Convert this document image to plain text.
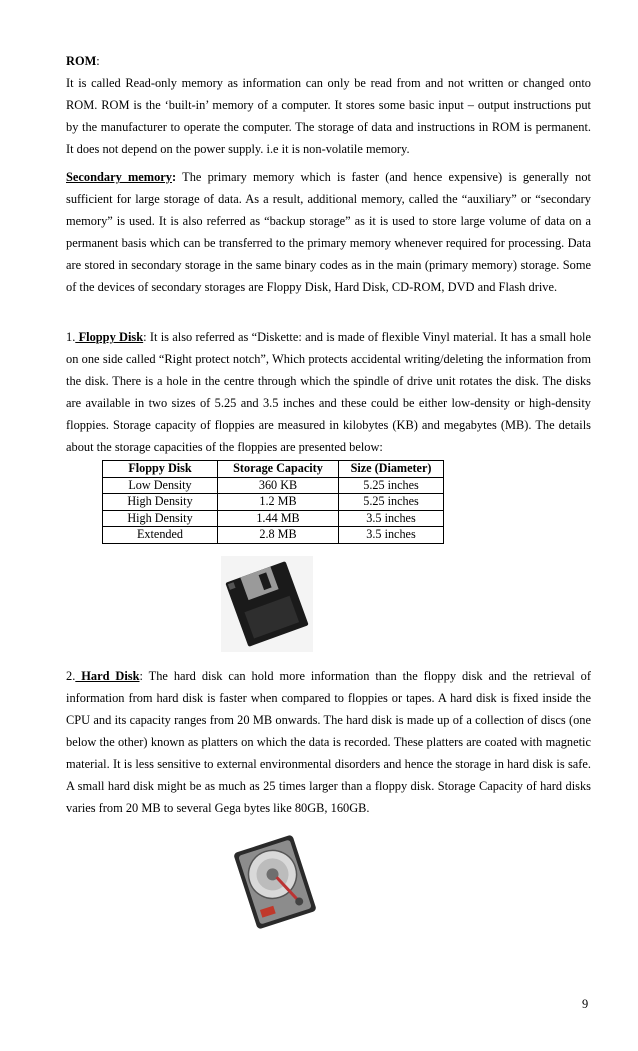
ROM:
It is called Read-only memory as information can only be read from and not written or changed onto ROM. ROM is the ‘built-in’ memory of a computer. It stores some basic input – output instructions put by the manufacturer to operate the computer. The storage of data and instructions in ROM is permanent. It does not depend on the power supply. i.e it is non-volatile memory.

Secondary memory: The primary memory which is faster (and hence expensive) is generally not sufficient for large storage of data. As a result, additional memory, called the “auxiliary” or “secondary memory” is used. It is also referred as “backup storage” as it is used to store large volume of data on a permanent basis which can be transferred to the primary memory whenever required for processing. Data are stored in secondary storage in the same binary codes as in the main (primary memory) storage. Some of the devices of secondary storages are Floppy Disk, Hard Disk, CD-ROM, DVD and Flash drive.

1. Floppy Disk: It is also referred as “Diskette: and is made of flexible Vinyl material. It has a small hole on one side called “Right protect notch”, Which protects accidental writing/deleting the information from the disk. There is a hole in the centre through which the spindle of drive unit rotates the disk. The disks are available in two sizes of 5.25 and 3.5 inches and these could be either low-density or high-density floppies. Storage capacity of floppies are measured in kilobytes (KB) and megabytes (MB). The details about the storage capacities of the floppies are presented below:

Floppy Disk	Storage Capacity	Size (Diameter)
Low Density	360 KB	5.25 inches
High Density	1.2 MB	5.25 inches
High Density	1.44 MB	3.5 inches
Extended	2.8 MB	3.5 inches

2. Hard Disk: The hard disk can hold more information than the floppy disk and the retrieval of information from hard disk is faster when compared to floppies or tapes. A hard disk is fixed inside the CPU and its capacity ranges from 20 MB onwards. The hard disk is made up of a collection of discs (one below the other) known as platters on which the data is recorded. These platters are coated with magnetic material. It is less sensitive to external environmental disorders and hence the storage in hard disk is safe. A small hard disk might be as much as 25 times larger than a floppy disk. Storage Capacity of hard disks varies from 20 MB to several Gega bytes like 80GB, 160GB.

9
